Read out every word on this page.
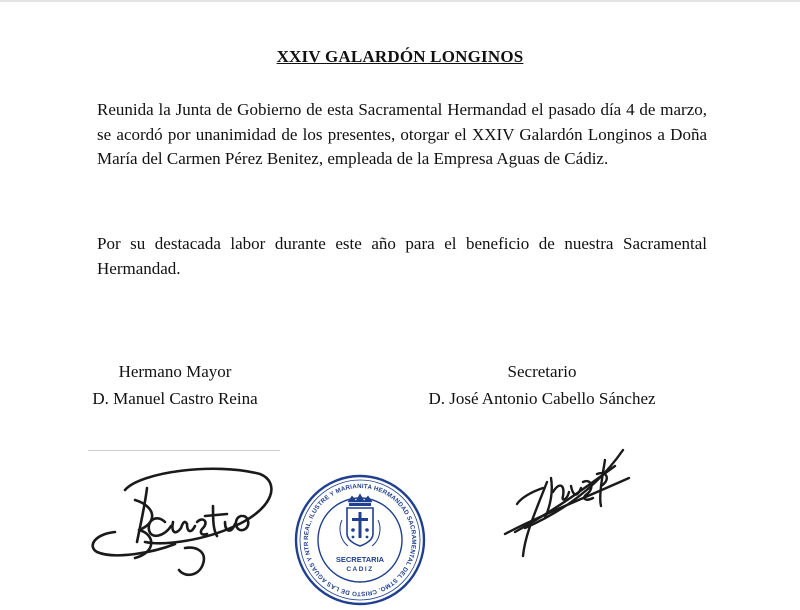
XXIV GALARDÓN LONGINOS

Reunida la Junta de Gobierno de esta Sacramental Hermandad el pasado día 4 de marzo, se acordó por unanimidad de los presentes, otorgar el XXIV Galardón Longinos a Doña María del Carmen Pérez Benitez, empleada de la Empresa Aguas de Cádiz.

Por su destacada labor durante este año para el beneficio de nuestra Sacramental Hermandad.

Hermano Mayor
D. Manuel Castro Reina
Secretario
D. José Antonio Cabello Sánchez
REAL, ILUSTRE Y MARIANITA HERMANDAD SACRAMENTAL DEL STMO. CRISTO DE LAS AGUAS Y NTRA. SRA. DE LA LUZ
SECRETARIA
CADIZ
